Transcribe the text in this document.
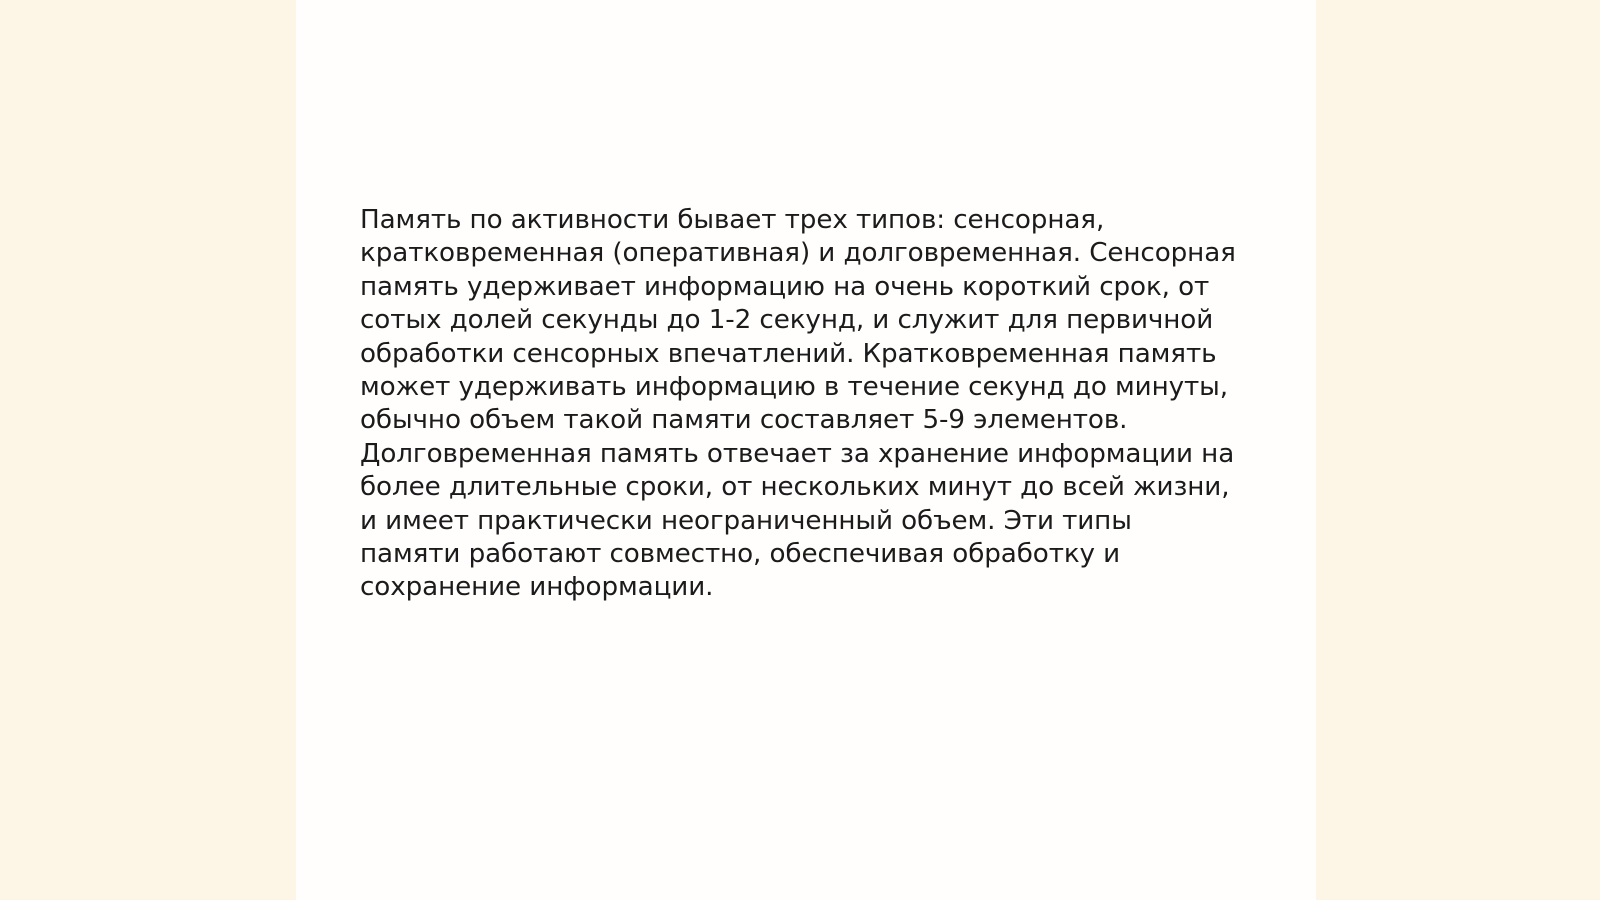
Память по активности бывает трех типов: сенсорная,
кратковременная (оперативная) и долговременная. Сенсорная
память удерживает информацию на очень короткий срок, от
сотых долей секунды до 1-2 секунд, и служит для первичной
обработки сенсорных впечатлений. Кратковременная память
может удерживать информацию в течение секунд до минуты,
обычно объем такой памяти составляет 5-9 элементов.
Долговременная память отвечает за хранение информации на
более длительные сроки, от нескольких минут до всей жизни,
и имеет практически неограниченный объем. Эти типы
памяти работают совместно, обеспечивая обработку и
сохранение информации.
